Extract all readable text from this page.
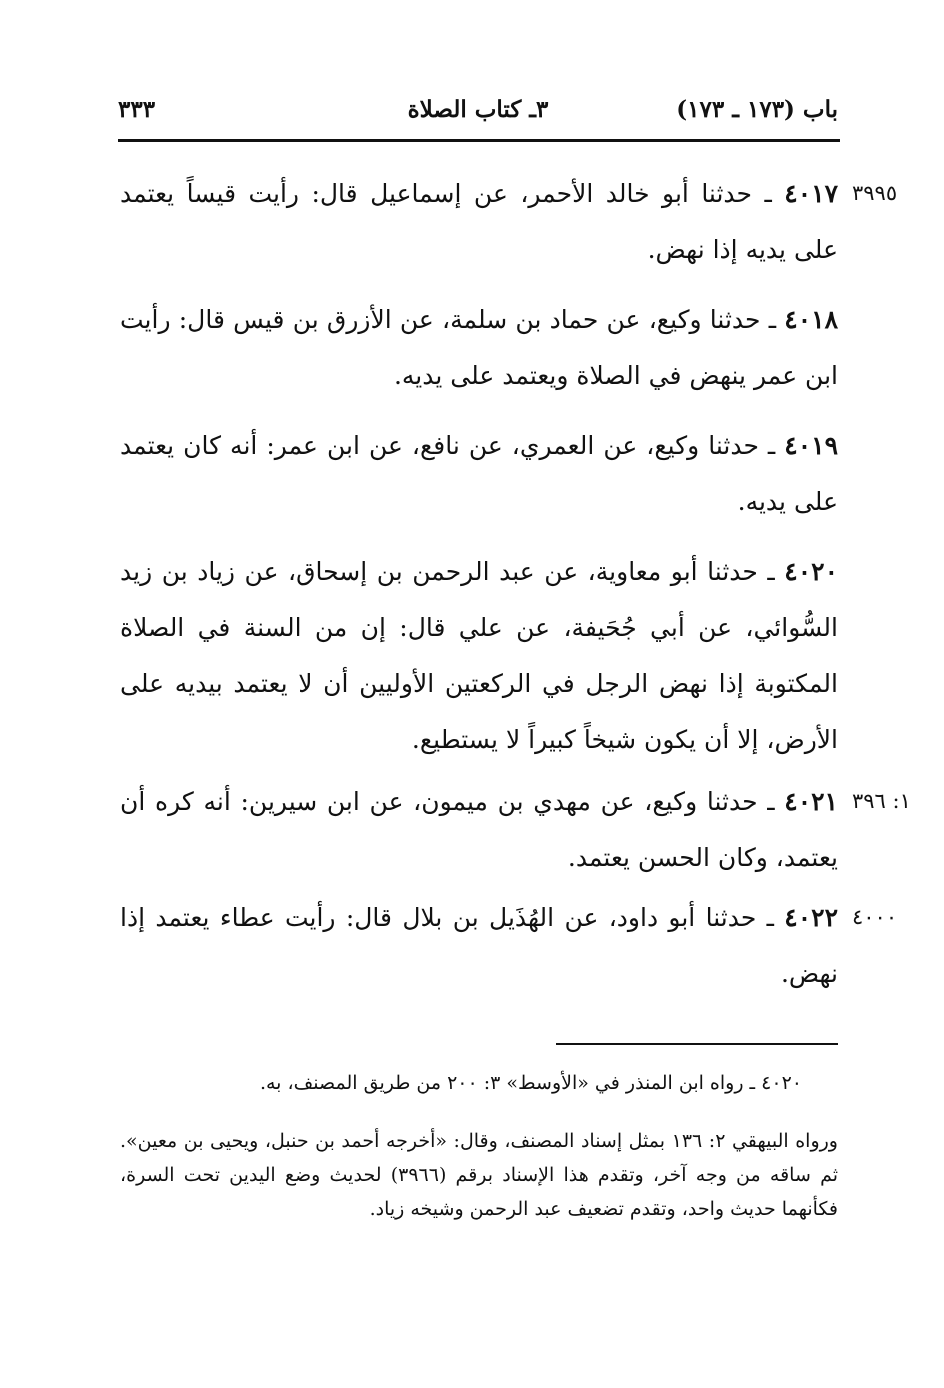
باب (١٧٣ ـ ١٧٣)
٣ـ كتاب الصلاة
٣٣٣
٣٩٩٥
٤٠١٧ ـ حدثنا أبو خالد الأحمر، عن إسماعيل قال: رأيت قيساً يعتمد على يديه إذا نهض.
٤٠١٨ ـ حدثنا وكيع، عن حماد بن سلمة، عن الأزرق بن قيس قال: رأيت ابن عمر ينهض في الصلاة ويعتمد على يديه.
٤٠١٩ ـ حدثنا وكيع، عن العمري، عن نافع، عن ابن عمر: أنه كان يعتمد على يديه.
٤٠٢٠ ـ حدثنا أبو معاوية، عن عبد الرحمن بن إسحاق، عن زياد بن زيد السُّوائي، عن أبي جُحَيفة، عن علي قال: إن من السنة في الصلاة المكتوبة إذا نهض الرجل في الركعتين الأوليين أن لا يعتمد بيديه على الأرض، إلا أن يكون شيخاً كبيراً لا يستطيع.
١: ٣٩٦
٤٠٢١ ـ حدثنا وكيع، عن مهدي بن ميمون، عن ابن سيرين: أنه كره أن يعتمد، وكان الحسن يعتمد.
٤٠٠٠
٤٠٢٢ ـ حدثنا أبو داود، عن الهُذَيل بن بلال قال: رأيت عطاء يعتمد إذا نهض.
٤٠٢٠ ـ رواه ابن المنذر في «الأوسط» ٣: ٢٠٠ من طريق المصنف، به.
ورواه البيهقي ٢: ١٣٦ بمثل إسناد المصنف، وقال: «أخرجه أحمد بن حنبل، ويحيى بن معين». ثم ساقه من وجه آخر، وتقدم هذا الإسناد برقم (٣٩٦٦) لحديث وضع اليدين تحت السرة، فكأنهما حديث واحد، وتقدم تضعيف عبد الرحمن وشيخه زياد.
